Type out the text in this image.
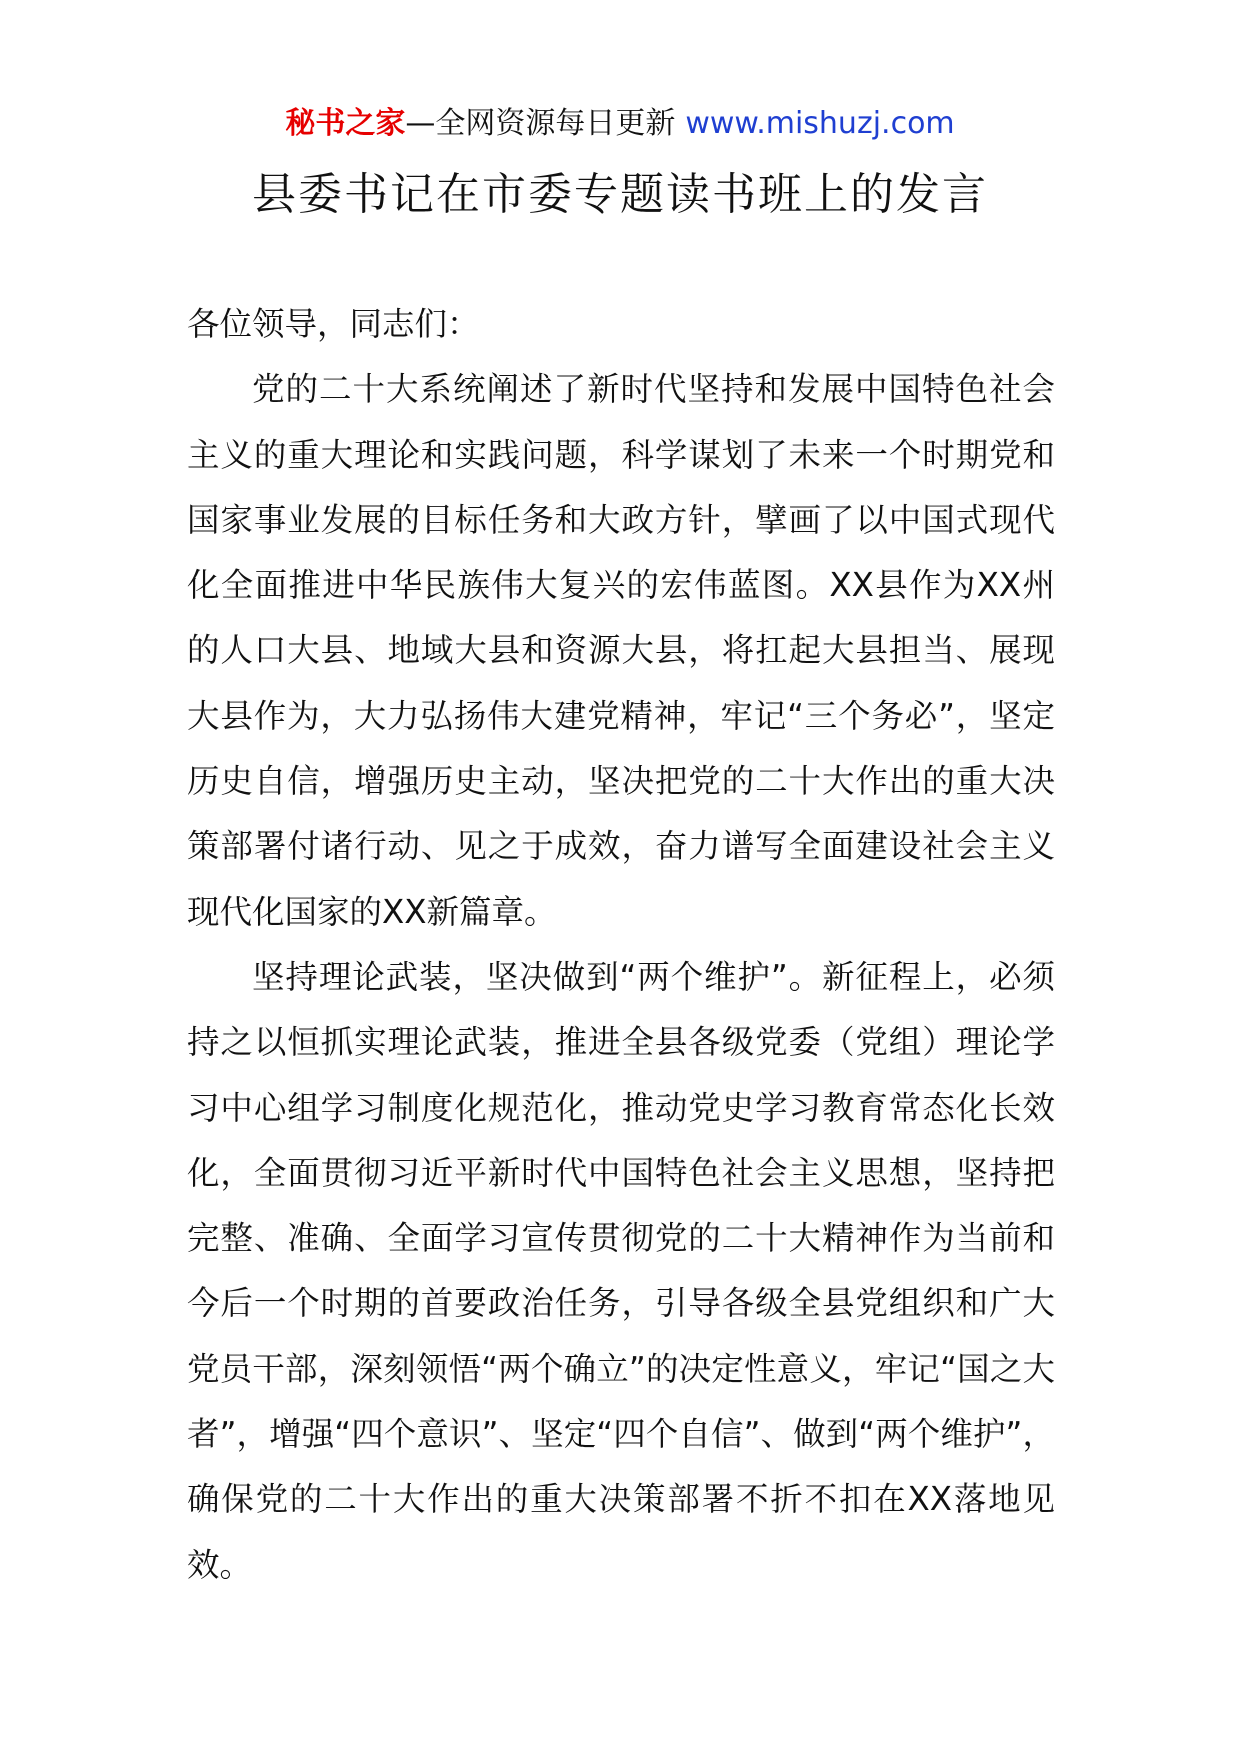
秘书之家—全网资源每日更新 www.mishuzj.com
县委书记在市委专题读书班上的发言

各位领导，同志们：

党的二十大系统阐述了新时代坚持和发展中国特色社会主义的重大理论和实践问题，科学谋划了未来一个时期党和国家事业发展的目标任务和大政方针，擘画了以中国式现代化全面推进中华民族伟大复兴的宏伟蓝图。XX县作为XX州的人口大县、地域大县和资源大县，将扛起大县担当、展现大县作为，大力弘扬伟大建党精神，牢记“三个务必”，坚定历史自信，增强历史主动，坚决把党的二十大作出的重大决策部署付诸行动、见之于成效，奋力谱写全面建设社会主义现代化国家的XX新篇章。

坚持理论武装，坚决做到“两个维护”。新征程上，必须持之以恒抓实理论武装，推进全县各级党委（党组）理论学习中心组学习制度化规范化，推动党史学习教育常态化长效化，全面贯彻习近平新时代中国特色社会主义思想，坚持把完整、准确、全面学习宣传贯彻党的二十大精神作为当前和今后一个时期的首要政治任务，引导各级全县党组织和广大党员干部，深刻领悟“两个确立”的决定性意义，牢记“国之大者”，增强“四个意识”、坚定“四个自信”、做到“两个维护”，确保党的二十大作出的重大决策部署不折不扣在XX落地见效。
